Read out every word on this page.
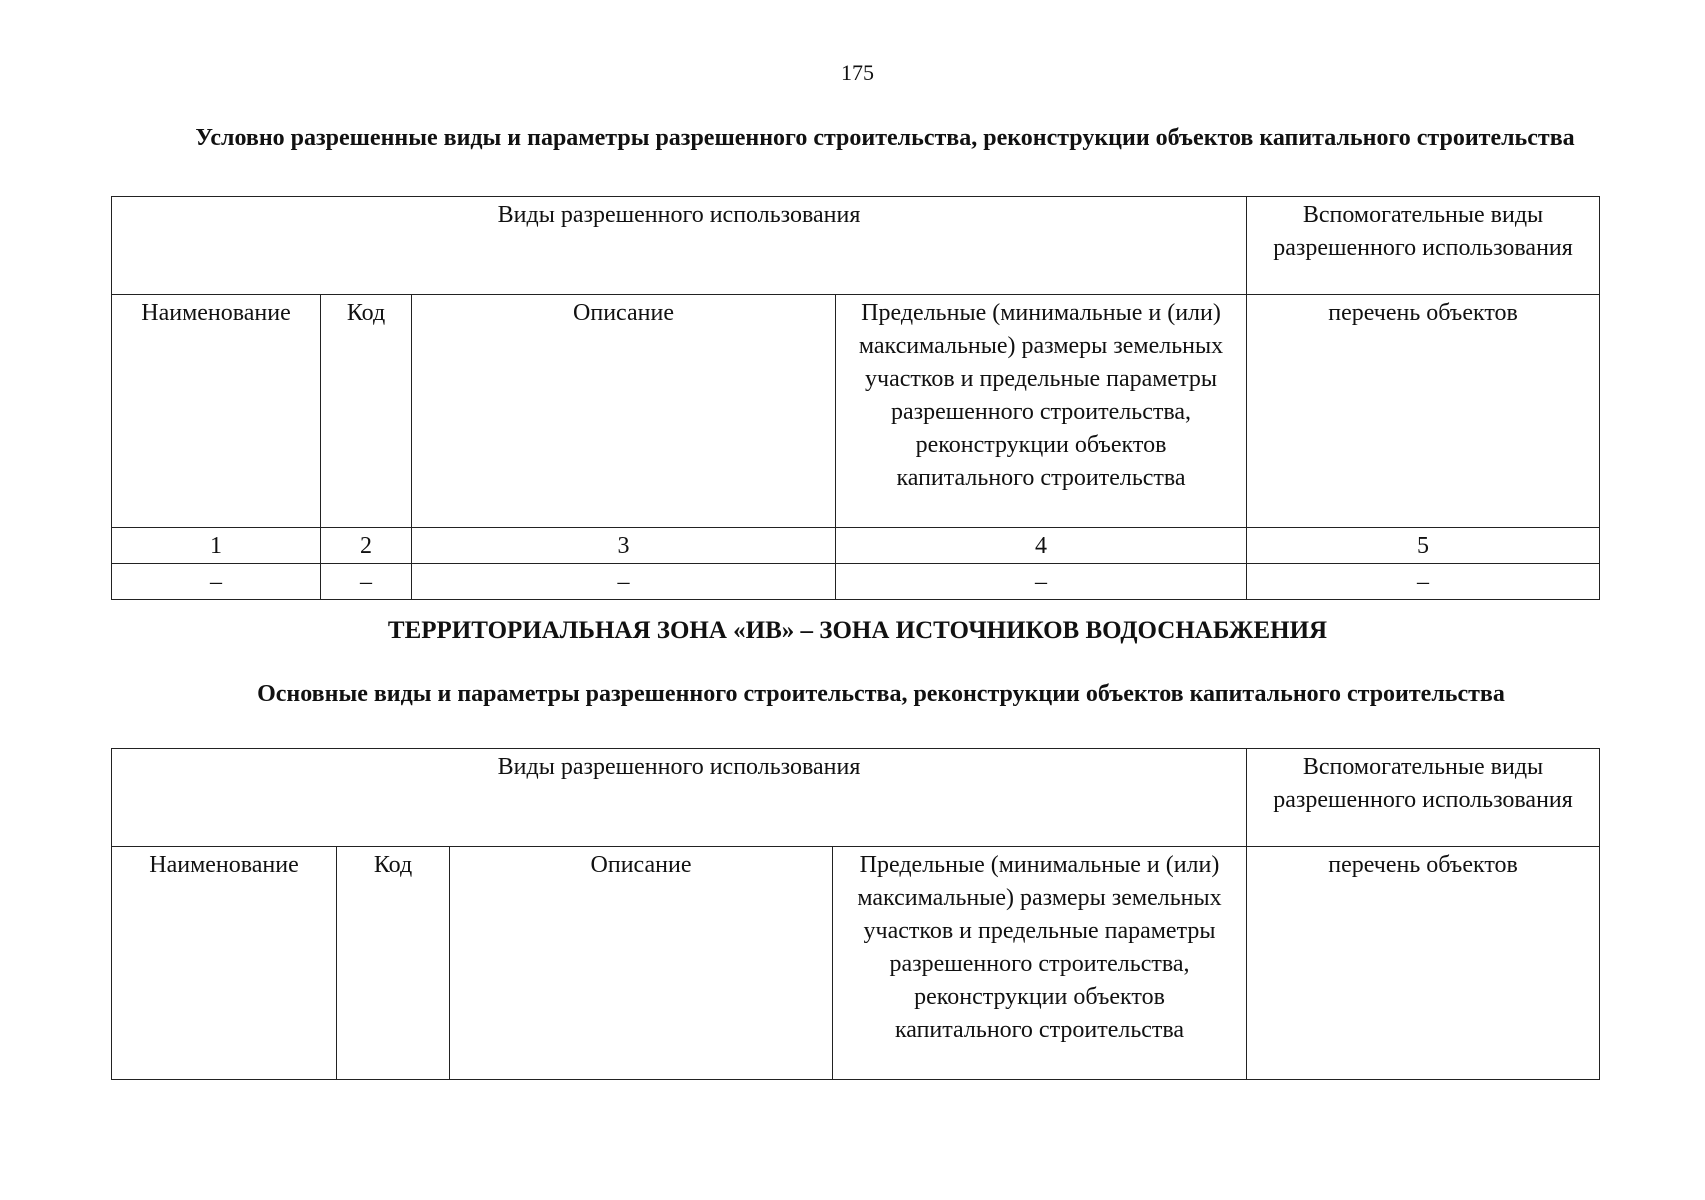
175
Условно разрешенные виды и параметры разрешенного строительства, реконструкции объектов капитального строительства
Виды разрешенного использования				Вспомогательные виды разрешенного использования
Наименование	Код	Описание	Предельные (минимальные и (или) максимальные) размеры земельных участков и предельные параметры разрешенного строительства, реконструкции объектов капитального строительства	перечень объектов
1	2	3	4	5
–	–	–	–	–
ТЕРРИТОРИАЛЬНАЯ ЗОНА «ИВ» – ЗОНА ИСТОЧНИКОВ ВОДОСНАБЖЕНИЯ
Основные виды и параметры разрешенного строительства, реконструкции объектов капитального строительства
Виды разрешенного использования				Вспомогательные виды разрешенного использования
Наименование	Код	Описание	Предельные (минимальные и (или) максимальные) размеры земельных участков и предельные параметры разрешенного строительства, реконструкции объектов капитального строительства	перечень объектов
